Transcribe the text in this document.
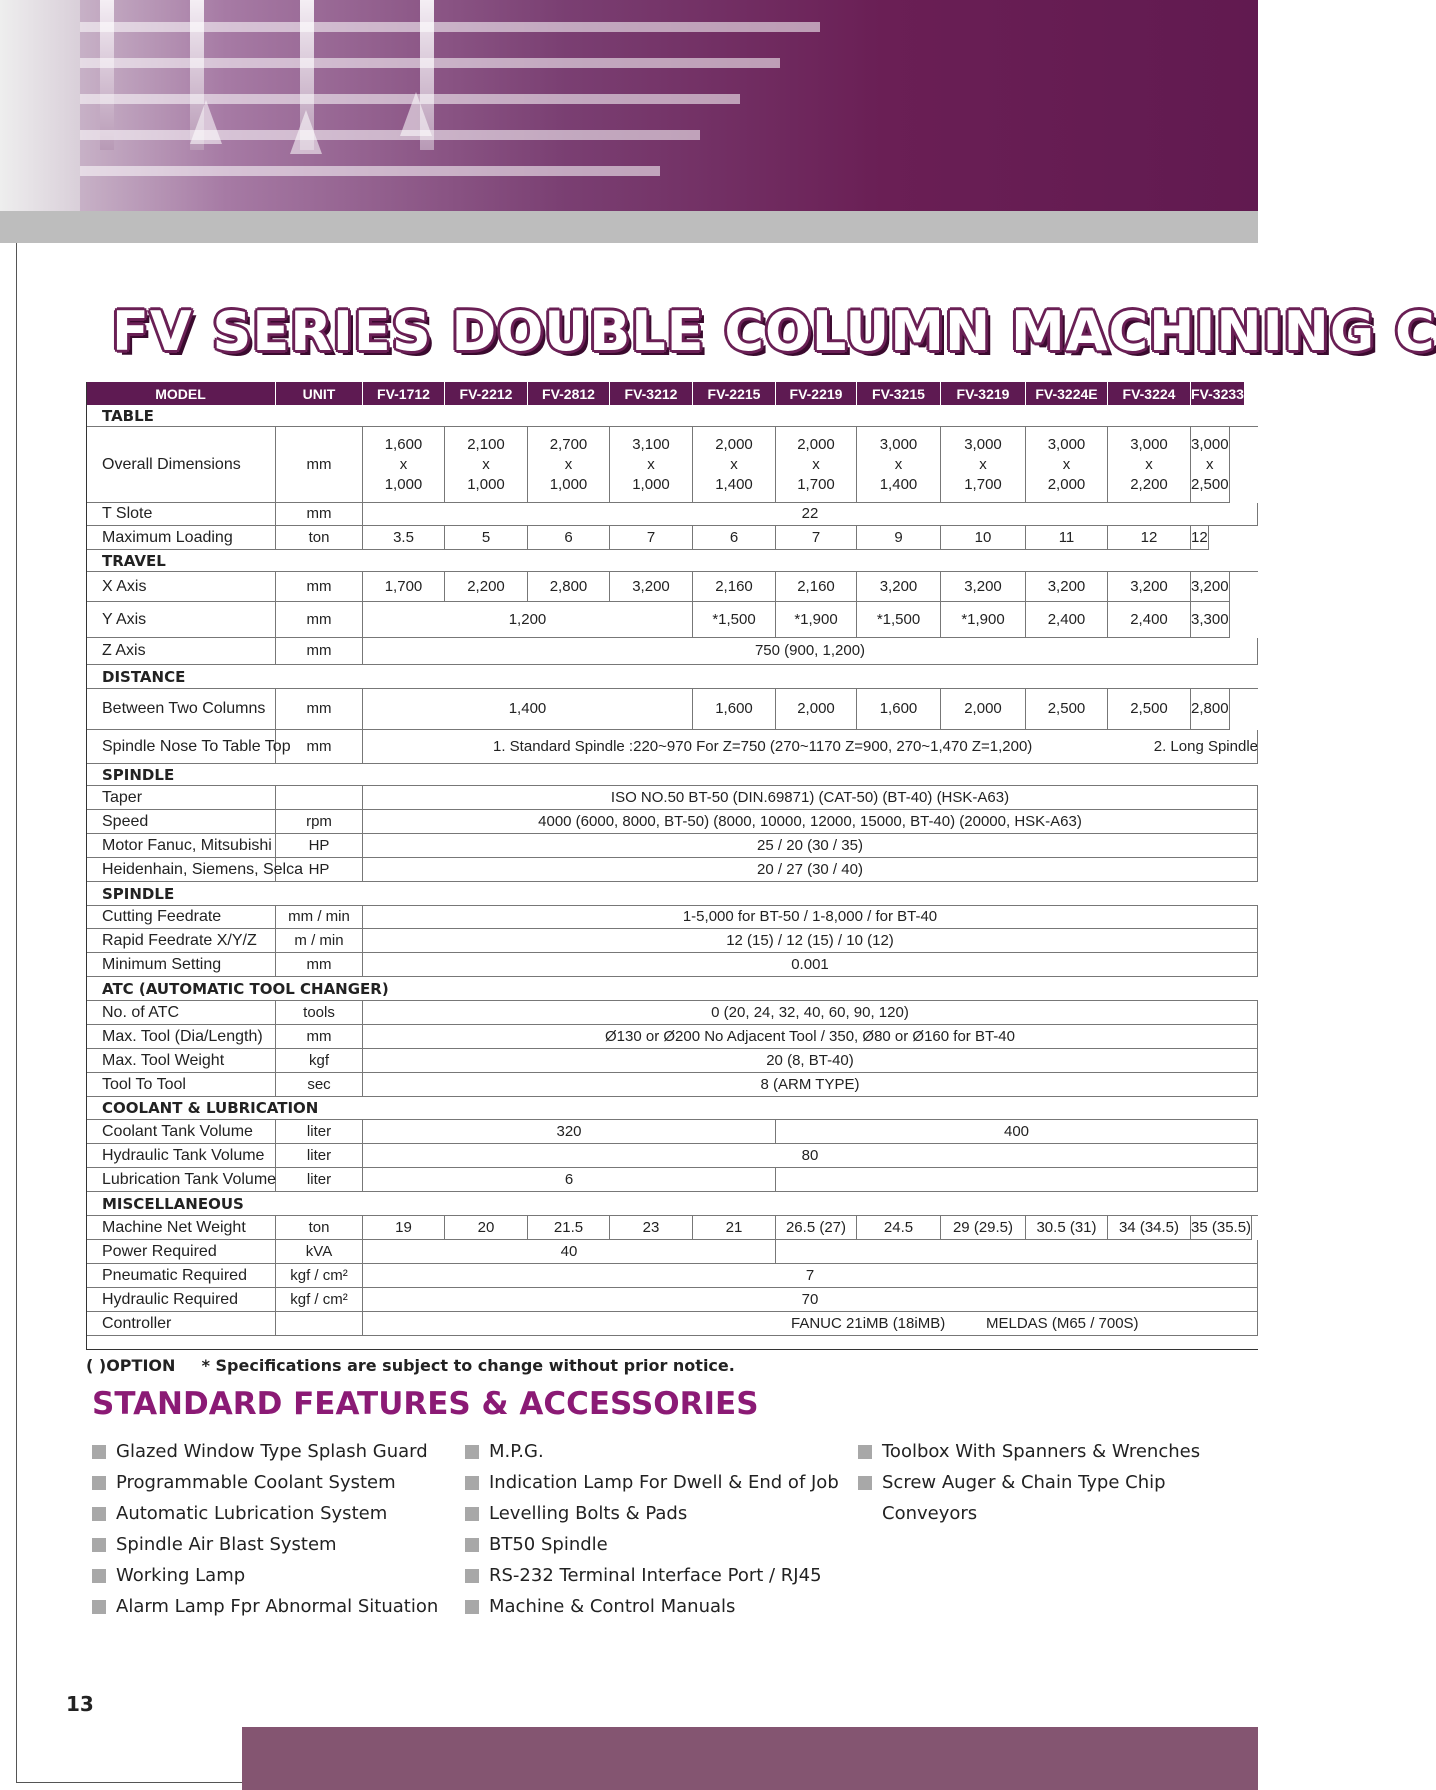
FV SERIES DOUBLE COLUMN MACHINING C
MELDAS (M65 / 700S)
FANUC 21iMB (18iMB)
Controller
70
kgf / cm²
Hydraulic Required
7
kgf / cm²
Pneumatic Required
40
kVA
Power Required
35 (35.5)
34 (34.5)
30.5 (31)
29 (29.5)
24.5
26.5 (27)
21
23
21.5
20
19
ton
Machine Net Weight
MISCELLANEOUS
6
liter
Lubrication Tank Volume
80
liter
Hydraulic Tank Volume
400
320
liter
Coolant Tank Volume
COOLANT & LUBRICATION
8 (ARM TYPE)
sec
Tool To Tool
20 (8, BT-40)
kgf
Max. Tool Weight
Ø130 or Ø200 No Adjacent Tool / 350, Ø80 or Ø160 for BT-40
mm
Max. Tool (Dia/Length)
0 (20, 24, 32, 40, 60, 90, 120)
tools
No. of ATC
ATC (AUTOMATIC TOOL CHANGER)
0.001
mm
Minimum Setting
12 (15) / 12 (15) / 10 (12)
m / min
Rapid Feedrate X/Y/Z
1-5,000 for BT-50 / 1-8,000 / for BT-40
mm / min
Cutting Feedrate
SPINDLE
20 / 27 (30 / 40)
HP
Heidenhain, Siemens, Selca
25 / 20 (30 / 35)
HP
Motor Fanuc, Mitsubishi
4000 (6000, 8000, BT-50) (8000, 10000, 12000, 15000, BT-40) (20000, HSK-A63)
rpm
Speed
ISO NO.50 BT-50 (DIN.69871) (CAT-50) (BT-40) (HSK-A63)
Taper
SPINDLE
2. Long Spindle
1. Standard Spindle :220~970 For Z=750 (270~1170 Z=900, 270~1,470 Z=1,200)
mm
Spindle Nose To Table Top
2,800
2,500
2,500
2,000
1,600
2,000
1,600
1,400
mm
Between Two Columns
DISTANCE
750 (900, 1,200)
mm
Z Axis
3,300
2,400
2,400
*1,900
*1,500
*1,900
*1,500
1,200
mm
Y Axis
3,200
3,200
3,200
3,200
3,200
2,160
2,160
3,200
2,800
2,200
1,700
mm
X Axis
TRAVEL
12
12
11
10
9
7
6
7
6
5
3.5
ton
Maximum Loading
22
mm
T Slote
3,000
x
2,500
3,000
x
2,200
3,000
x
2,000
3,000
x
1,700
3,000
x
1,400
2,000
x
1,700
2,000
x
1,400
3,100
x
1,000
2,700
x
1,000
2,100
x
1,000
1,600
x
1,000
mm
Overall Dimensions
TABLE
FV-3233
FV-3224
FV-3224E
FV-3219
FV-3215
FV-2219
FV-2215
FV-3212
FV-2812
FV-2212
FV-1712
UNIT
MODEL
( )OPTION * Specifications are subject to change without prior notice.
STANDARD FEATURES & ACCESSORIES
Glazed Window Type Splash Guard
Programmable Coolant System
Automatic Lubrication System
Spindle Air Blast System
Working Lamp
Alarm Lamp Fpr Abnormal Situation
M.P.G.
Indication Lamp For Dwell & End of Job
Levelling Bolts & Pads
BT50 Spindle
RS-232 Terminal Interface Port / RJ45
Machine & Control Manuals
Toolbox With Spanners & Wrenches
Screw Auger & Chain Type Chip
Conveyors
13
